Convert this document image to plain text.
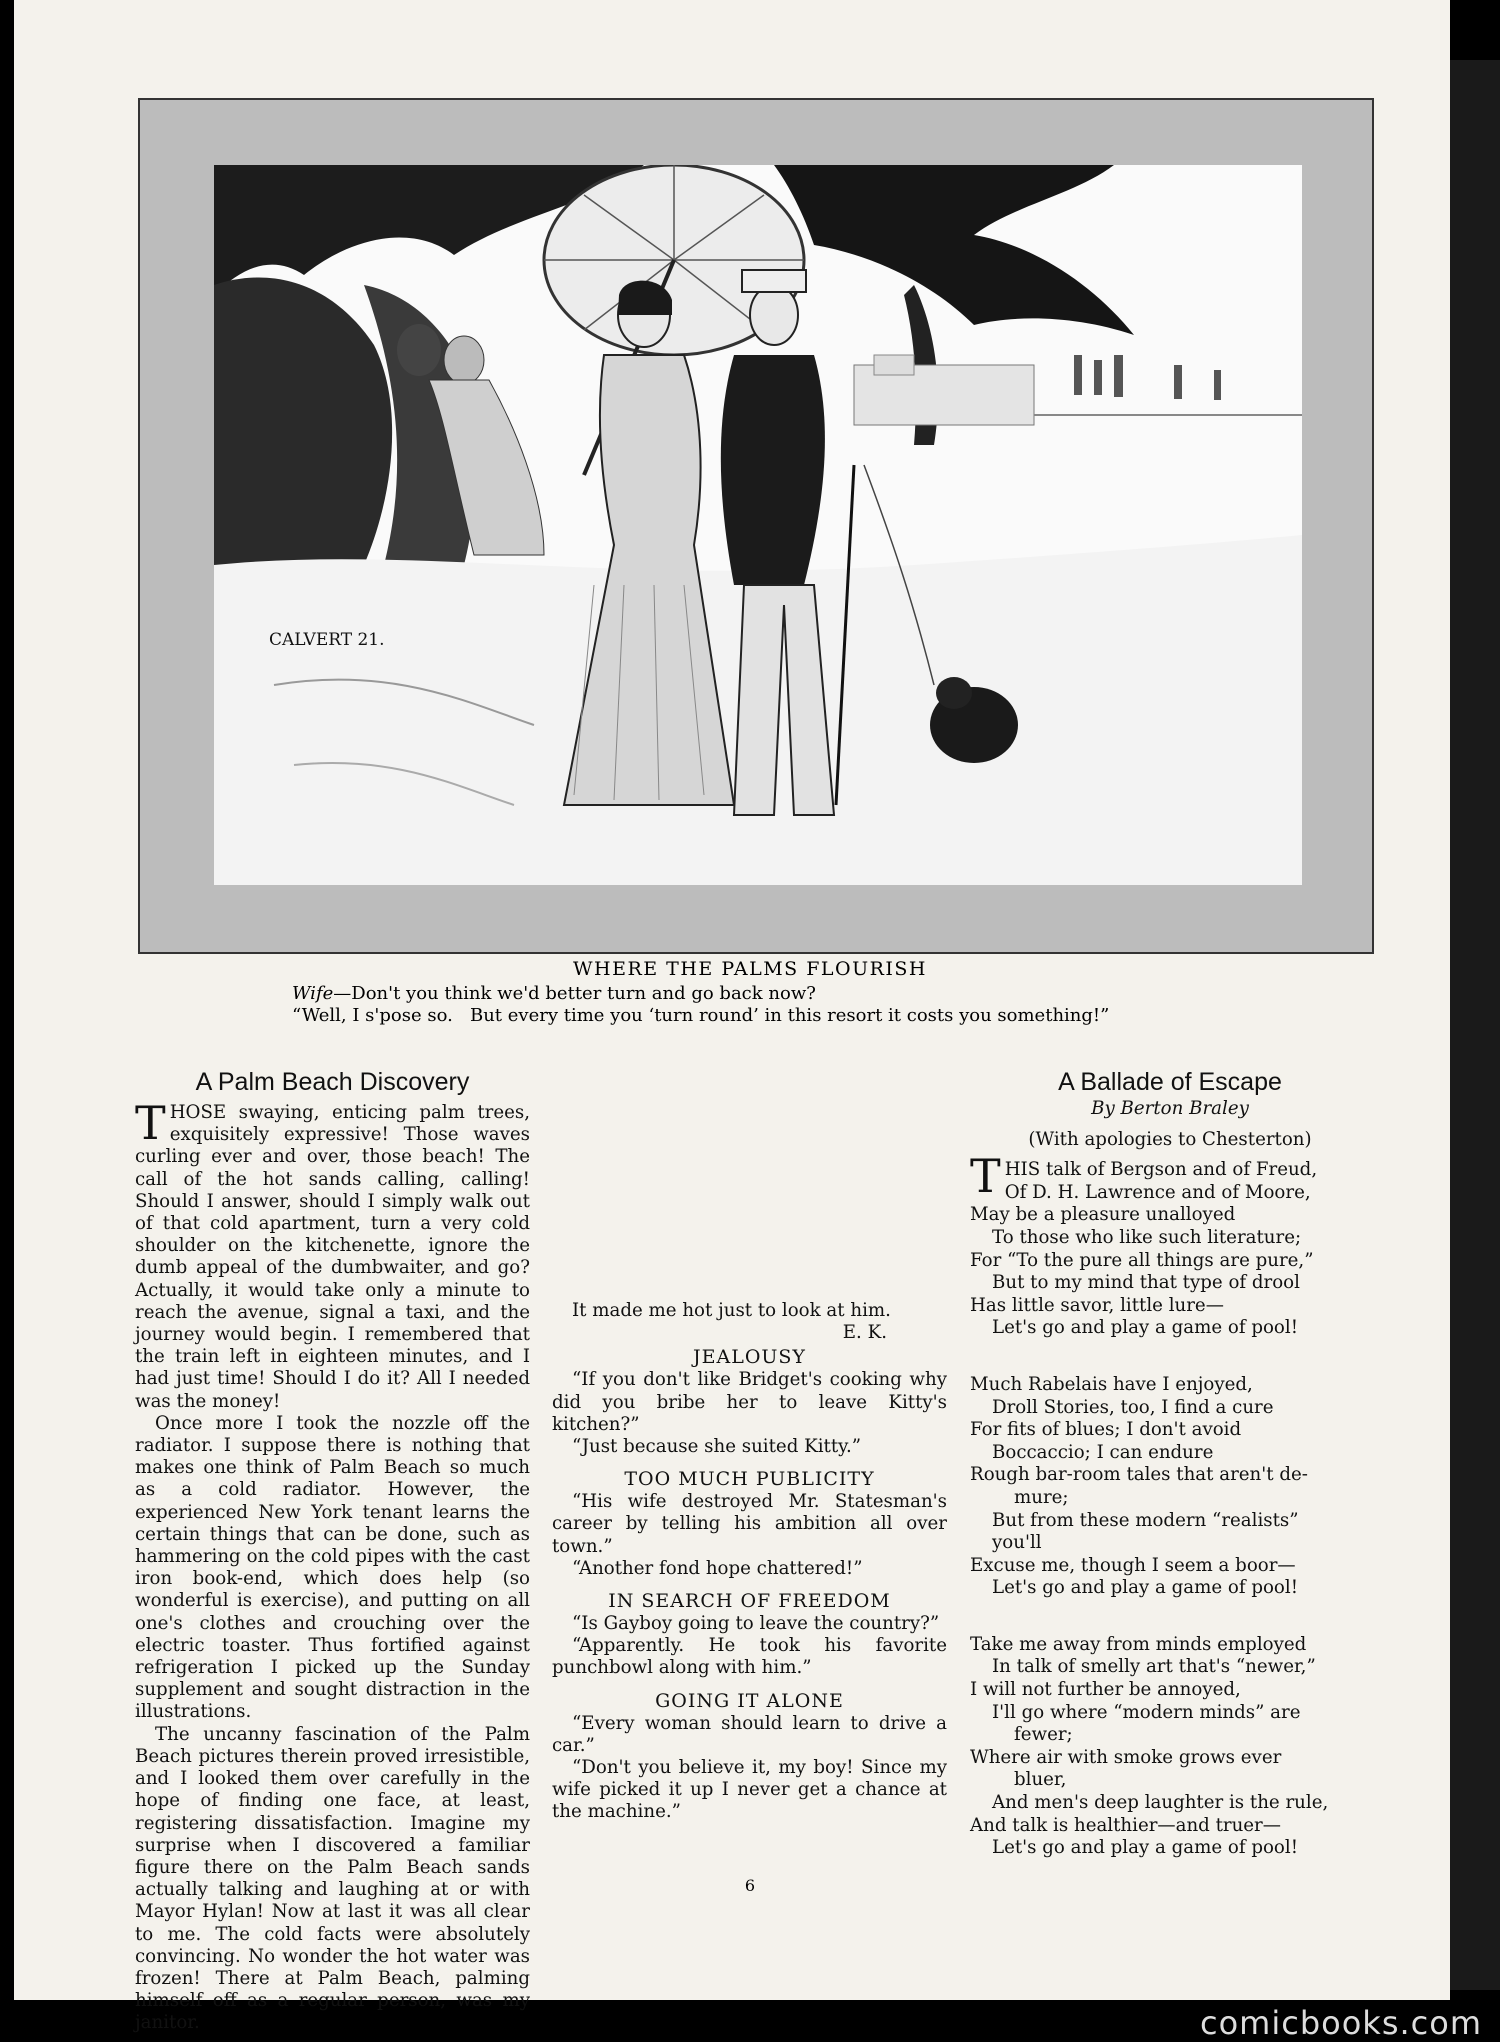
CALVERT 21.
WHERE THE PALMS FLOURISH
Wife—Don't you think we'd better turn and go back now?
“Well, I s'pose so.   But every time you ‘turn round’ in this resort it costs you something!”
A Palm Beach Discovery

THOSE swaying, enticing palm trees, exquisitely expressive! Those waves curling ever and over, those beach! The call of the hot sands calling, calling! Should I answer, should I simply walk out of that cold apartment, turn a very cold shoulder on the kitchenette, ignore the dumb appeal of the dumbwaiter, and go? Actually, it would take only a minute to reach the avenue, signal a taxi, and the journey would begin. I remembered that the train left in eighteen minutes, and I had just time! Should I do it? All I needed was the money!

Once more I took the nozzle off the radiator. I suppose there is nothing that makes one think of Palm Beach so much as a cold radiator. However, the experienced New York tenant learns the certain things that can be done, such as hammering on the cold pipes with the cast iron book-end, which does help (so wonderful is exercise), and putting on all one's clothes and crouching over the electric toaster. Thus fortified against refrigeration I picked up the Sunday supplement and sought distraction in the illustrations.

The uncanny fascination of the Palm Beach pictures therein proved irresistible, and I looked them over carefully in the hope of finding one face, at least, registering dissatisfaction. Imagine my surprise when I discovered a familiar figure there on the Palm Beach sands actually talking and laughing at or with Mayor Hylan! Now at last it was all clear to me. The cold facts were absolutely convincing. No wonder the hot water was frozen! There at Palm Beach, palming himself off as a regular person, was my janitor.

It made me hot just to look at him.

E. K.

JEALOUSY

“If you don't like Bridget's cooking why did you bribe her to leave Kitty's kitchen?”

“Just because she suited Kitty.”

TOO MUCH PUBLICITY

“His wife destroyed Mr. Statesman's career by telling his ambition all over town.”

“Another fond hope chattered!”

IN SEARCH OF FREEDOM

“Is Gayboy going to leave the country?”

“Apparently. He took his favorite punchbowl along with him.”

GOING IT ALONE

“Every woman should learn to drive a car.”

“Don't you believe it, my boy! Since my wife picked it up I never get a chance at the machine.”

A Ballade of Escape
By Berton Braley
(With apologies to Chesterton)
THIS talk of Bergson and of Freud,
Of D. H. Lawrence and of Moore,
May be a pleasure unalloyed
To those who like such literature;
For “To the pure all things are pure,”
But to my mind that type of drool
Has little savor, little lure—
Let's go and play a game of pool!
Much Rabelais have I enjoyed,
Droll Stories, too, I find a cure
For fits of blues; I don't avoid
Boccaccio; I can endure
Rough bar-room tales that aren't de-
mure;
But from these modern “realists”
you'll
Excuse me, though I seem a boor—
Let's go and play a game of pool!
Take me away from minds employed
In talk of smelly art that's “newer,”
I will not further be annoyed,
I'll go where “modern minds” are
fewer;
Where air with smoke grows ever
bluer,
And men's deep laughter is the rule,
And talk is healthier—and truer—
Let's go and play a game of pool!
6
comicbooks.com
